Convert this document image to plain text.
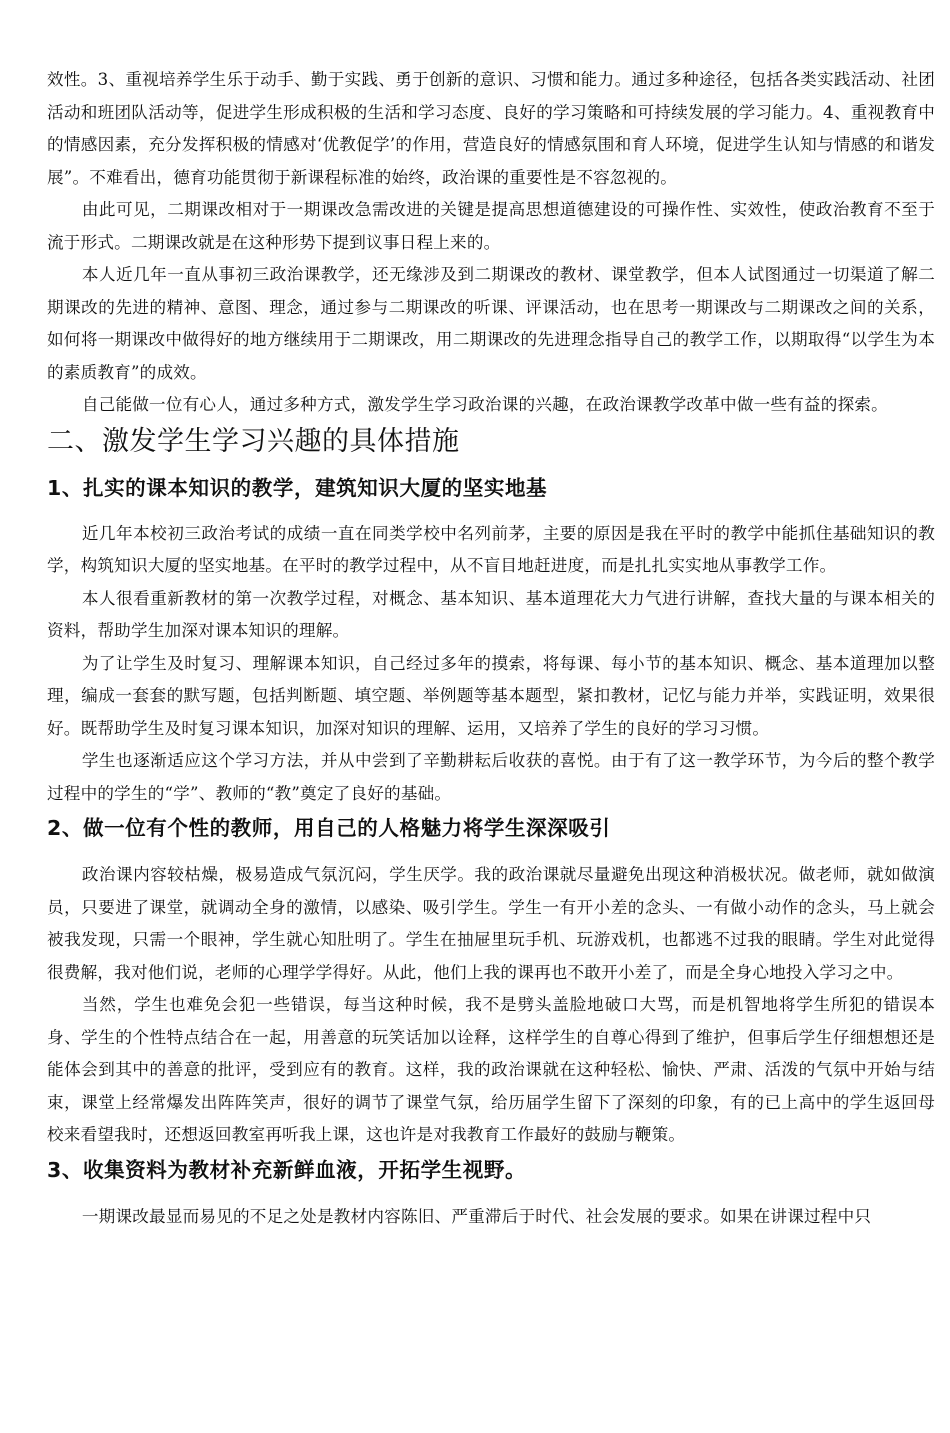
效性。3、重视培养学生乐于动手、勤于实践、勇于创新的意识、习惯和能力。通过多种途径，包括各类实践活动、社团活动和班团队活动等，促进学生形成积极的生活和学习态度、良好的学习策略和可持续发展的学习能力。4、重视教育中的情感因素，充分发挥积极的情感对‘优教促学’的作用，营造良好的情感氛围和育人环境，促进学生认知与情感的和谐发展”。不难看出，德育功能贯彻于新课程标准的始终，政治课的重要性是不容忽视的。

由此可见，二期课改相对于一期课改急需改进的关键是提高思想道德建设的可操作性、实效性，使政治教育不至于流于形式。二期课改就是在这种形势下提到议事日程上来的。

本人近几年一直从事初三政治课教学，还无缘涉及到二期课改的教材、课堂教学，但本人试图通过一切渠道了解二期课改的先进的精神、意图、理念，通过参与二期课改的听课、评课活动，也在思考一期课改与二期课改之间的关系，如何将一期课改中做得好的地方继续用于二期课改，用二期课改的先进理念指导自己的教学工作，以期取得“以学生为本的素质教育”的成效。

自己能做一位有心人，通过多种方式，激发学生学习政治课的兴趣，在政治课教学改革中做一些有益的探索。

二、激发学生学习兴趣的具体措施
1、扎实的课本知识的教学，建筑知识大厦的坚实地基

近几年本校初三政治考试的成绩一直在同类学校中名列前茅，主要的原因是我在平时的教学中能抓住基础知识的教学，构筑知识大厦的坚实地基。在平时的教学过程中，从不盲目地赶进度，而是扎扎实实地从事教学工作。

本人很看重新教材的第一次教学过程，对概念、基本知识、基本道理花大力气进行讲解，查找大量的与课本相关的资料，帮助学生加深对课本知识的理解。

为了让学生及时复习、理解课本知识，自己经过多年的摸索，将每课、每小节的基本知识、概念、基本道理加以整理，编成一套套的默写题，包括判断题、填空题、举例题等基本题型，紧扣教材，记忆与能力并举，实践证明，效果很好。既帮助学生及时复习课本知识，加深对知识的理解、运用，又培养了学生的良好的学习习惯。

学生也逐渐适应这个学习方法，并从中尝到了辛勤耕耘后收获的喜悦。由于有了这一教学环节，为今后的整个教学过程中的学生的“学”、教师的“教”奠定了良好的基础。

2、做一位有个性的教师，用自己的人格魅力将学生深深吸引

政治课内容较枯燥，极易造成气氛沉闷，学生厌学。我的政治课就尽量避免出现这种消极状况。做老师，就如做演员，只要进了课堂，就调动全身的激情，以感染、吸引学生。学生一有开小差的念头、一有做小动作的念头，马上就会被我发现，只需一个眼神，学生就心知肚明了。学生在抽屉里玩手机、玩游戏机，也都逃不过我的眼睛。学生对此觉得很费解，我对他们说，老师的心理学学得好。从此，他们上我的课再也不敢开小差了，而是全身心地投入学习之中。

当然，学生也难免会犯一些错误，每当这种时候，我不是劈头盖脸地破口大骂，而是机智地将学生所犯的错误本身、学生的个性特点结合在一起，用善意的玩笑话加以诠释，这样学生的自尊心得到了维护，但事后学生仔细想想还是能体会到其中的善意的批评，受到应有的教育。这样，我的政治课就在这种轻松、愉快、严肃、活泼的气氛中开始与结束，课堂上经常爆发出阵阵笑声，很好的调节了课堂气氛，给历届学生留下了深刻的印象，有的已上高中的学生返回母校来看望我时，还想返回教室再听我上课，这也许是对我教育工作最好的鼓励与鞭策。

3、收集资料为教材补充新鲜血液，开拓学生视野。

一期课改最显而易见的不足之处是教材内容陈旧、严重滞后于时代、社会发展的要求。如果在讲课过程中只
